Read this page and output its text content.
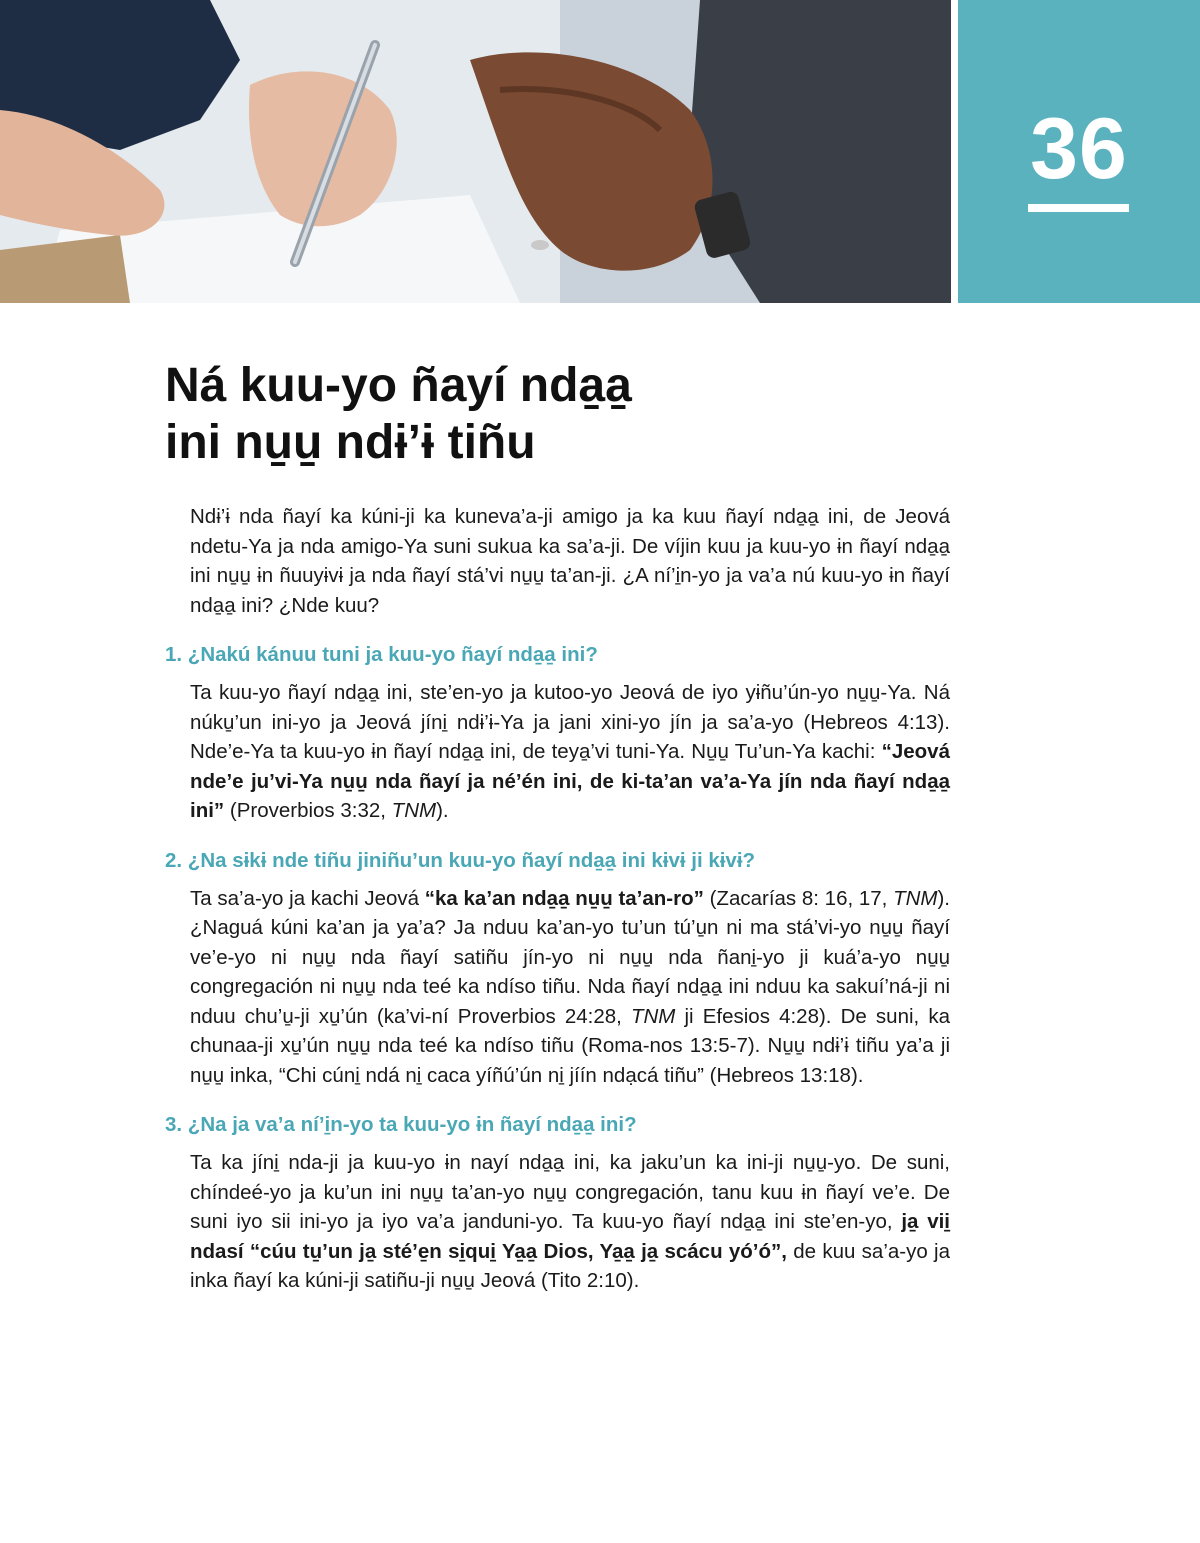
36
Ná kuu-yo ñayí nda̱a̱
ini nu̱u̱ ndɨ’ɨ tiñu

Ndɨ’ɨ nda ñayí ka kúni-ji ka kuneva’a-ji amigo ja ka kuu ñayí nda̱a̱ ini, de Jeová ndetu-Ya ja nda amigo-Ya suni sukua ka sa’a-ji. De víjin kuu ja kuu-yo ɨn ñayí nda̱a̱ ini nu̱u̱ ɨn ñuuyɨvɨ ja nda ñayí stá’vi nu̱u̱ ta’an-ji. ¿A ní’i̱n-yo ja va’a nú kuu-yo ɨn ñayí nda̱a̱ ini? ¿Nde kuu?

1. ¿Nakú kánuu tuni ja kuu-yo ñayí nda̱a̱ ini?

Ta kuu-yo ñayí nda̱a̱ ini, ste’en-yo ja kutoo-yo Jeová de iyo yɨñu’ún-yo nu̱u̱-Ya. Ná núku̱’un ini-yo ja Jeová jíni̱ ndɨ’ɨ-Ya ja jani xini-yo jín ja sa’a-yo (Hebreos 4:13). Nde’e-Ya ta kuu-yo ɨn ñayí nda̱a̱ ini, de teya̱’vi tuni-Ya. Nu̱u̱ Tu’un-Ya kachi: “Jeová nde’e ju’vi-Ya nu̱u̱ nda ñayí ja né’én ini, de ki-ta’an va’a-Ya jín nda ñayí nda̱a̱ ini” (Proverbios 3:32, TNM).

2. ¿Na sɨkɨ nde tiñu jiniñu’un kuu-yo ñayí nda̱a̱ ini kɨvɨ ji kɨvɨ?

Ta sa’a-yo ja kachi Jeová “ka ka’an nda̱a̱ nu̱u̱ ta’an-ro” (Zacarías 8: 16, 17, TNM). ¿Naguá kúni ka’an ja ya’a? Ja nduu ka’an-yo tu’un tú’u̱n ni ma stá’vi-yo nu̱u̱ ñayí ve’e-yo ni nu̱u̱ nda ñayí satiñu jín-yo ni nu̱u̱ nda ñani̱-yo ji kuá’a-yo nu̱u̱ congregación ni nu̱u̱ nda teé ka ndíso tiñu. Nda ñayí nda̱a̱ ini nduu ka sakuí’ná-ji ni nduu chu’u̱-ji xu̱’ún (ka’vi-ní Proverbios 24:28, TNM ji Efesios 4:28). De suni, ka chunaa-ji xu̱’ún nu̱u̱ nda teé ka ndíso tiñu (Roma-nos 13:5-7). Nu̱u̱ ndɨ’ɨ tiñu ya’a ji nu̱u̱ inka, “Chi cúni̱ ndá ni̱ caca yíñú’ún ni̱ jíín ndạcá tiñu” (Hebreos 13:18).

3. ¿Na ja va’a ní’i̱n-yo ta kuu-yo ɨn ñayí nda̱a̱ ini?

Ta ka jíni̱ nda-ji ja kuu-yo ɨn nayí nda̱a̱ ini, ka jaku’un ka ini-ji nu̱u̱-yo. De suni, chíndeé-yo ja ku’un ini nu̱u̱ ta’an-yo nu̱u̱ congregación, tanu kuu ɨn ñayí ve’e. De suni iyo sii ini-yo ja iyo va’a janduni-yo. Ta kuu-yo ñayí nda̱a̱ ini ste’en-yo, ja̱ vii̱ ndasí “cúu tu̱’un ja̱ sté’e̱n si̱qui̱ Ya̱a̱ Dios, Ya̱a̱ ja̱ scácu yó’ó”, de kuu sa’a-yo ja inka ñayí ka kúni-ji satiñu-ji nu̱u̱ Jeová (Tito 2:10).
